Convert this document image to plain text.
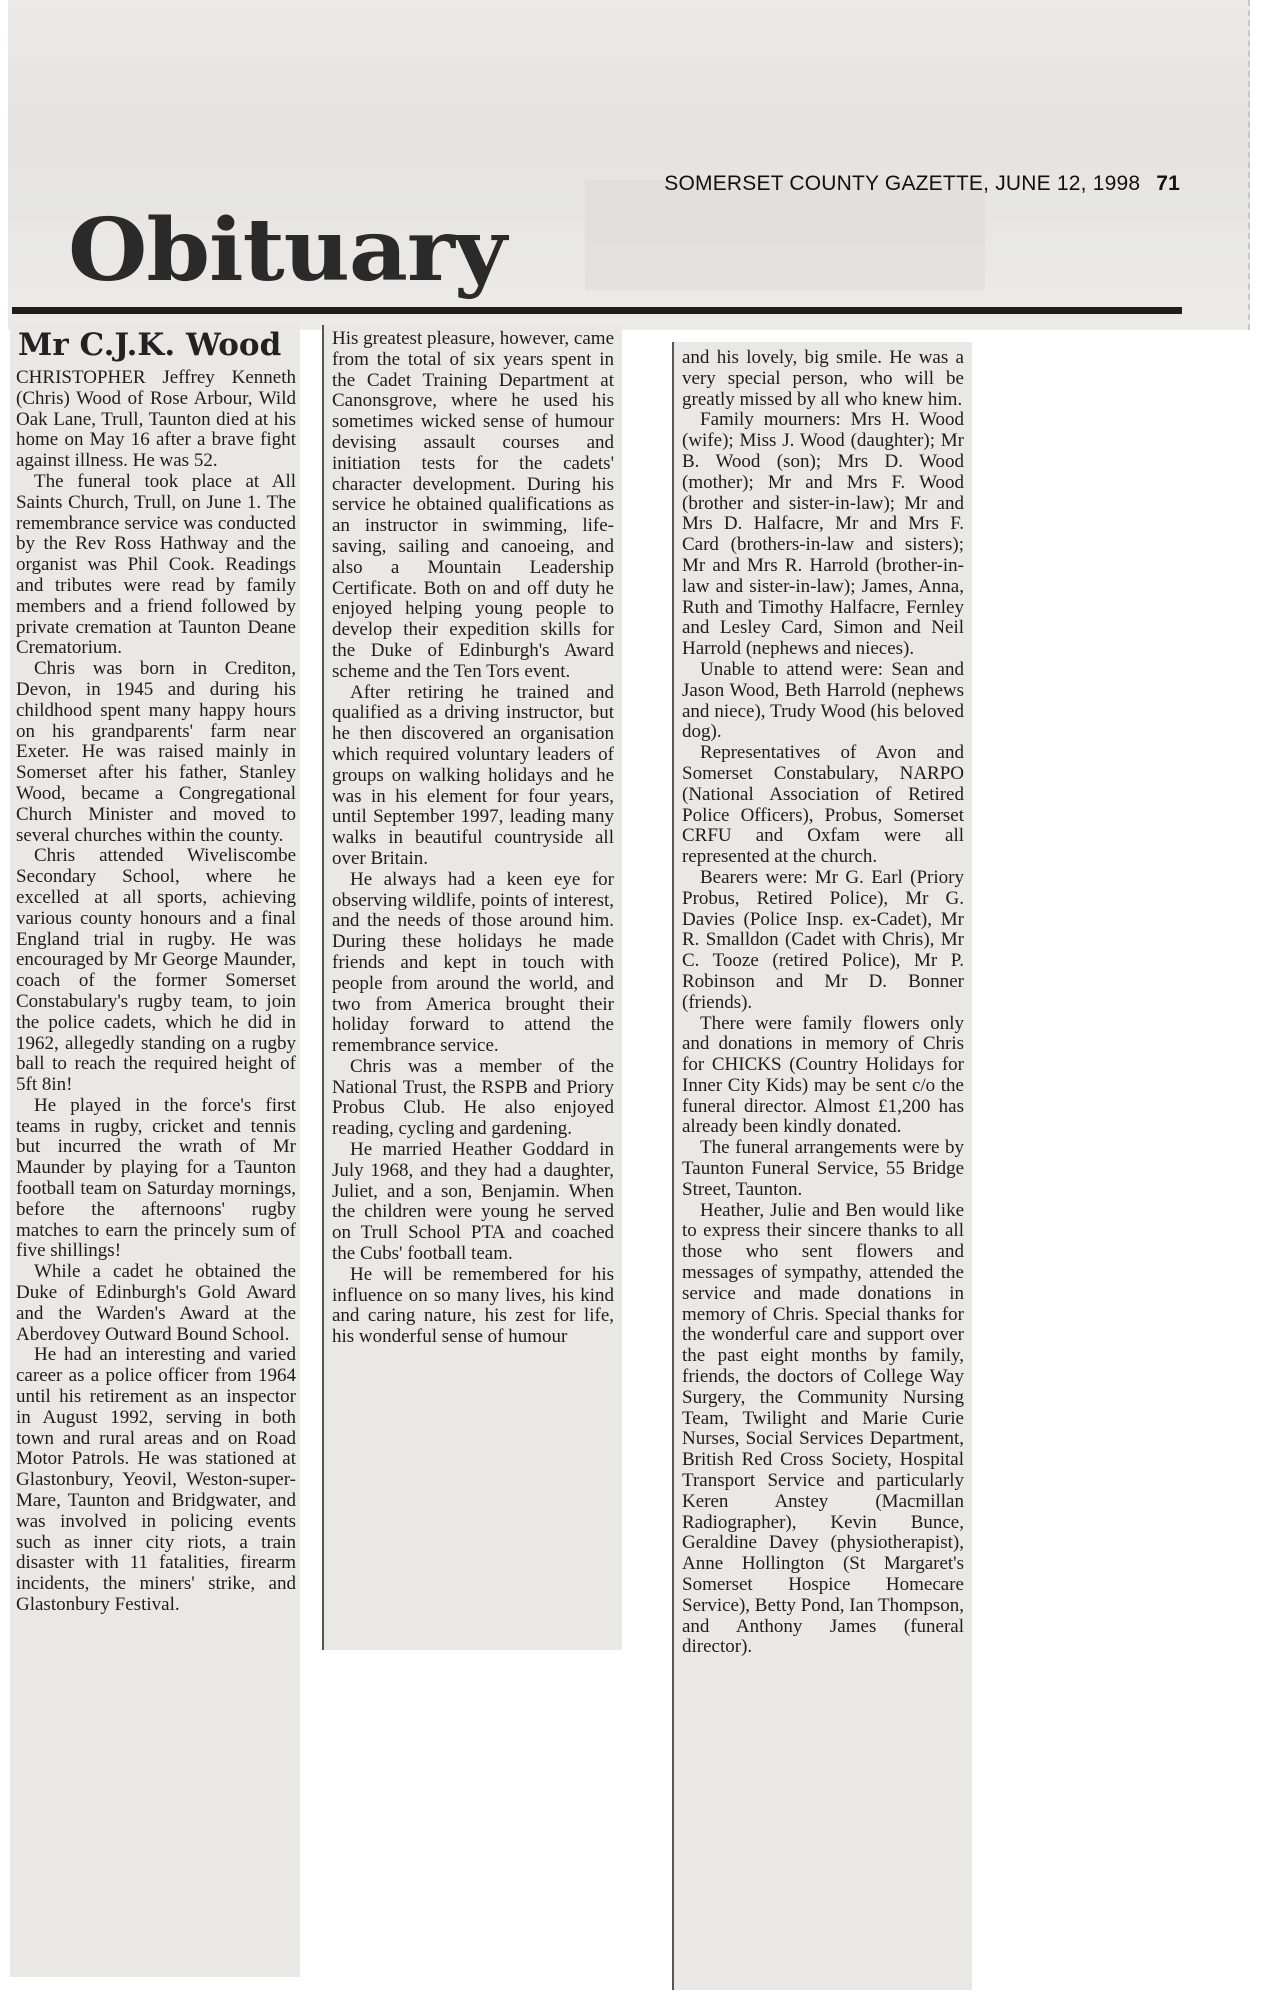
SOMERSET COUNTY GAZETTE, JUNE 12, 1998 71
Obituary
Mr C.J.K. Wood

CHRISTOPHER Jeffrey Kenneth (Chris) Wood of Rose Arbour, Wild Oak Lane, Trull, Taunton died at his home on May 16 after a brave fight against illness. He was 52.

The funeral took place at All Saints Church, Trull, on June 1. The remembrance service was conducted by the Rev Ross Hathway and the organist was Phil Cook. Readings and tributes were read by family members and a friend followed by private cremation at Taunton Deane Crematorium.

Chris was born in Crediton, Devon, in 1945 and during his childhood spent many happy hours on his grandparents' farm near Exeter. He was raised mainly in Somerset after his father, Stanley Wood, became a Congregational Church Minister and moved to several churches within the county.

Chris attended Wiveliscombe Secondary School, where he excelled at all sports, achieving various county honours and a final England trial in rugby. He was encouraged by Mr George Maunder, coach of the former Somerset Constabulary's rugby team, to join the police cadets, which he did in 1962, allegedly standing on a rugby ball to reach the required height of 5ft 8in!

He played in the force's first teams in rugby, cricket and tennis but incurred the wrath of Mr Maunder by playing for a Taunton football team on Saturday mornings, before the afternoons' rugby matches to earn the princely sum of five shillings!

While a cadet he obtained the Duke of Edinburgh's Gold Award and the Warden's Award at the Aberdovey Outward Bound School.

He had an interesting and varied career as a police officer from 1964 until his retirement as an inspector in August 1992, serving in both town and rural areas and on Road Motor Patrols. He was stationed at Glastonbury, Yeovil, Weston-super-Mare, Taunton and Bridgwater, and was involved in policing events such as inner city riots, a train disaster with 11 fatalities, firearm incidents, the miners' strike, and Glastonbury Festival.

His greatest pleasure, however, came from the total of six years spent in the Cadet Training Department at Canonsgrove, where he used his sometimes wicked sense of humour devising assault courses and initiation tests for the cadets' character development. During his service he obtained qualifications as an instructor in swimming, life-saving, sailing and canoeing, and also a Mountain Leadership Certificate. Both on and off duty he enjoyed helping young people to develop their expedition skills for the Duke of Edinburgh's Award scheme and the Ten Tors event.

After retiring he trained and qualified as a driving instructor, but he then discovered an organisation which required voluntary leaders of groups on walking holidays and he was in his element for four years, until September 1997, leading many walks in beautiful countryside all over Britain.

He always had a keen eye for observing wildlife, points of interest, and the needs of those around him. During these holidays he made friends and kept in touch with people from around the world, and two from America brought their holiday forward to attend the remembrance service.

Chris was a member of the National Trust, the RSPB and Priory Probus Club. He also enjoyed reading, cycling and gardening.

He married Heather Goddard in July 1968, and they had a daughter, Juliet, and a son, Benjamin. When the children were young he served on Trull School PTA and coached the Cubs' football team.

He will be remembered for his influence on so many lives, his kind and caring nature, his zest for life, his wonderful sense of humour

and his lovely, big smile. He was a very special person, who will be greatly missed by all who knew him.

Family mourners: Mrs H. Wood (wife); Miss J. Wood (daughter); Mr B. Wood (son); Mrs D. Wood (mother); Mr and Mrs F. Wood (brother and sister-in-law); Mr and Mrs D. Halfacre, Mr and Mrs F. Card (brothers-in-law and sisters); Mr and Mrs R. Harrold (brother-in-law and sister-in-law); James, Anna, Ruth and Timothy Halfacre, Fernley and Lesley Card, Simon and Neil Harrold (nephews and nieces).

Unable to attend were: Sean and Jason Wood, Beth Harrold (nephews and niece), Trudy Wood (his beloved dog).

Representatives of Avon and Somerset Constabulary, NARPO (National Association of Retired Police Officers), Probus, Somerset CRFU and Oxfam were all represented at the church.

Bearers were: Mr G. Earl (Priory Probus, Retired Police), Mr G. Davies (Police Insp. ex-Cadet), Mr R. Smalldon (Cadet with Chris), Mr C. Tooze (retired Police), Mr P. Robinson and Mr D. Bonner (friends).

There were family flowers only and donations in memory of Chris for CHICKS (Country Holidays for Inner City Kids) may be sent c/o the funeral director. Almost £1,200 has already been kindly donated.

The funeral arrangements were by Taunton Funeral Service, 55 Bridge Street, Taunton.

Heather, Julie and Ben would like to express their sincere thanks to all those who sent flowers and messages of sympathy, attended the service and made donations in memory of Chris. Special thanks for the wonderful care and support over the past eight months by family, friends, the doctors of College Way Surgery, the Community Nursing Team, Twilight and Marie Curie Nurses, Social Services Department, British Red Cross Society, Hospital Transport Service and particularly Keren Anstey (Macmillan Radiographer), Kevin Bunce, Geraldine Davey (physiotherapist), Anne Hollington (St Margaret's Somerset Hospice Homecare Service), Betty Pond, Ian Thompson, and Anthony James (funeral director).
